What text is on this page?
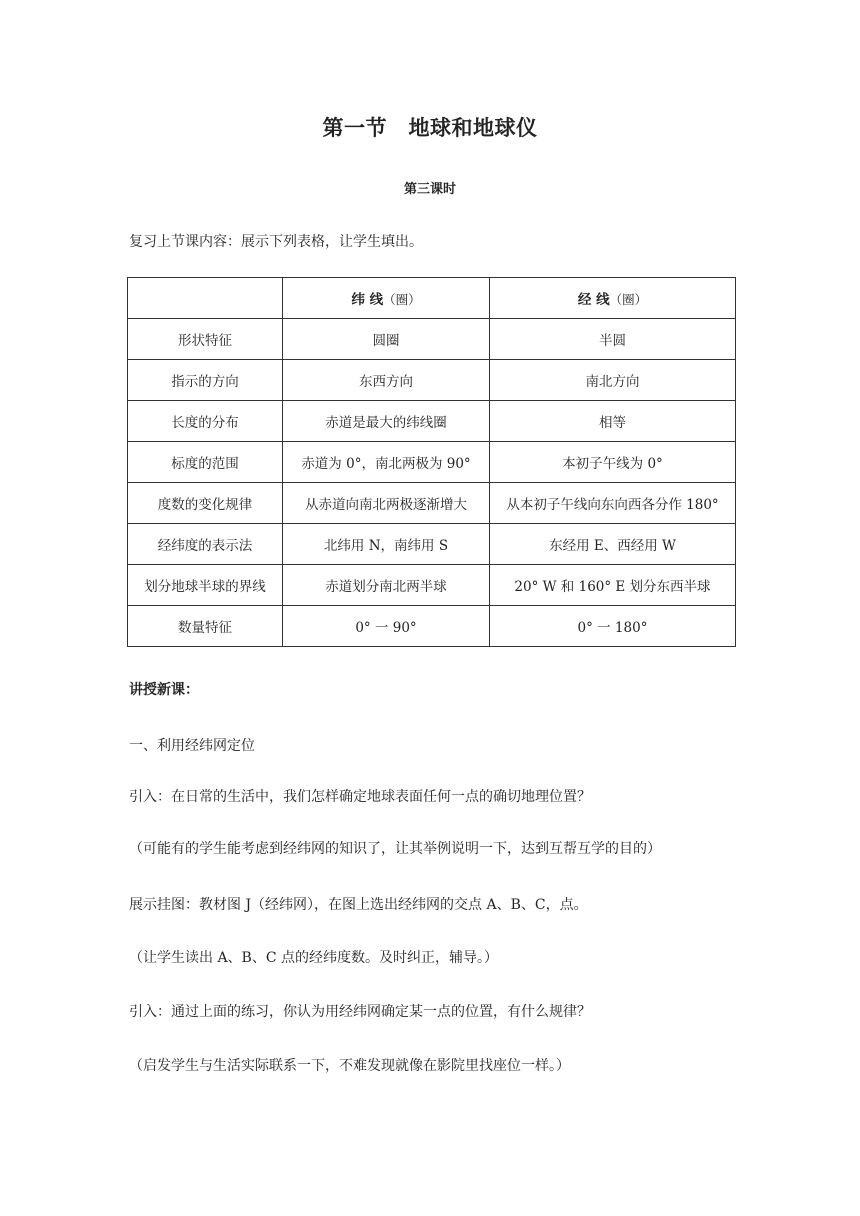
第一节　地球和地球仪
第三课时
复习上节课内容：展示下列表格，让学生填出。
	纬 线（圈）	经 线（圈）
形状特征	圆圈	半圆
指示的方向	东西方向	南北方向
长度的分布	赤道是最大的纬线圈	相等
标度的范围	赤道为 0°，南北两极为 90°	本初子午线为 0°
度数的变化规律	从赤道向南北两极逐渐增大	从本初子午线向东向西各分作 180°
经纬度的表示法	北纬用 N，南纬用 S	东经用 E、西经用 W
划分地球半球的界线	赤道划分南北两半球	20° W 和 160° E 划分东西半球
数量特征	0° 一 90°	0° 一 180°
讲授新课：
一、利用经纬网定位
引入：在日常的生活中，我们怎样确定地球表面任何一点的确切地理位置？
（可能有的学生能考虑到经纬网的知识了，让其举例说明一下，达到互帮互学的目的）
展示挂图：教材图 J（经纬网），在图上选出经纬网的交点 A、B、C，点。
（让学生读出 A、B、C 点的经纬度数。及时纠正，辅导。）
引入：通过上面的练习，你认为用经纬网确定某一点的位置，有什么规律？
（启发学生与生活实际联系一下，不难发现就像在影院里找座位一样。）
